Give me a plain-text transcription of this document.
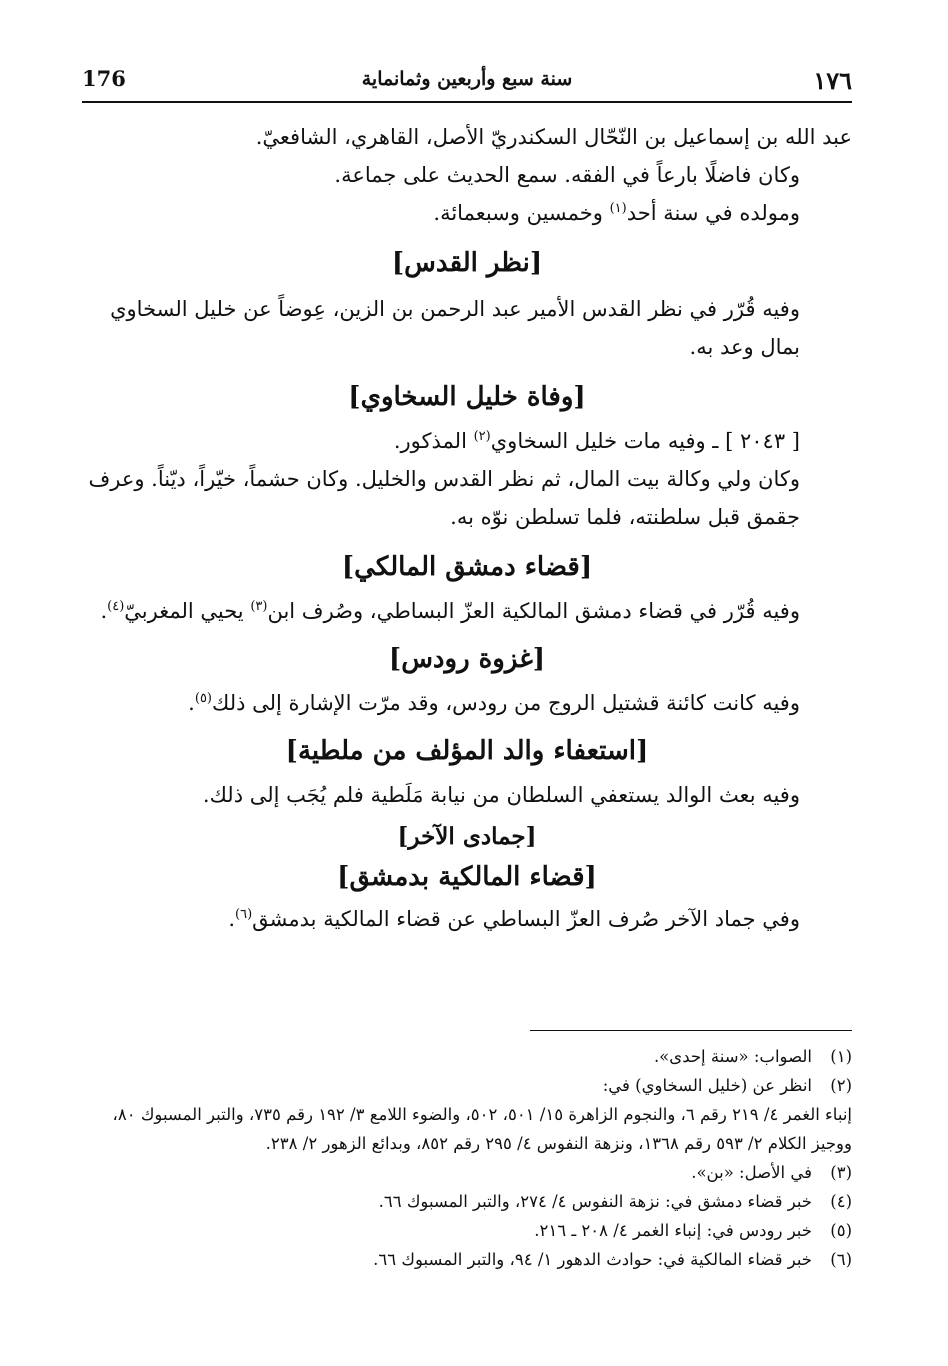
176	سنة سبع وأربعين وثمانماية	١٧٦

عبد الله بن إسماعيل بن النّحّال السكندريّ الأصل، القاهري، الشافعيّ.

وكان فاضلًا بارعاً في الفقه. سمع الحديث على جماعة.

ومولده في سنة أحد$^{(١)}$ وخمسين وسبعمائة.

[نظر القدس]

وفيه قُرّر في نظر القدس الأمير عبد الرحمن بن الزين، عِوضاً عن خليل السخاوي بمال وعد به.

[وفاة خليل السخاوي]

[ ٢٠٤٣ ] ـ وفيه مات خليل السخاوي$^{(٢)}$ المذكور.

وكان ولي وكالة بيت المال، ثم نظر القدس والخليل. وكان حشماً، خيّراً، ديّناً. وعرف جقمق قبل سلطنته، فلما تسلطن نوّه به.

[قضاء دمشق المالكي]

وفيه قُرّر في قضاء دمشق المالكية العزّ البساطي، وصُرف ابن$^{(٣)}$ يحيي المغربيّ$^{(٤)}$.

[غزوة رودس]

وفيه كانت كائنة قشتيل الروج من رودس، وقد مرّت الإشارة إلى ذلك$^{(٥)}$.

[استعفاء والد المؤلف من ملطية]

وفيه بعث الوالد يستعفي السلطان من نيابة مَلَطية فلم يُجَب إلى ذلك.

[جمادى الآخر]
[قضاء المالكية بدمشق]

وفي جماد الآخر صُرف العزّ البساطي عن قضاء المالكية بدمشق$^{(٦)}$.

(١)الصواب: «سنة إحدى».

(٢)انظر عن (خليل السخاوي) في:

إنباء الغمر ٤/ ٢١٩ رقم ٦، والنجوم الزاهرة ١٥/ ٥٠١، ٥٠٢، والضوء اللامع ٣/ ١٩٢ رقم ٧٣٥، والتبر المسبوك ٨٠، ووجيز الكلام ٢/ ٥٩٣ رقم ١٣٦٨، ونزهة النفوس ٤/ ٢٩٥ رقم ٨٥٢، وبدائع الزهور ٢/ ٢٣٨.

(٣)في الأصل: «بن».

(٤)خبر قضاء دمشق في: نزهة النفوس ٤/ ٢٧٤، والتبر المسبوك ٦٦.

(٥)خبر رودس في: إنباء الغمر ٤/ ٢٠٨ ـ ٢١٦.

(٦)خبر قضاء المالكية في: حوادث الدهور ١/ ٩٤، والتبر المسبوك ٦٦.
